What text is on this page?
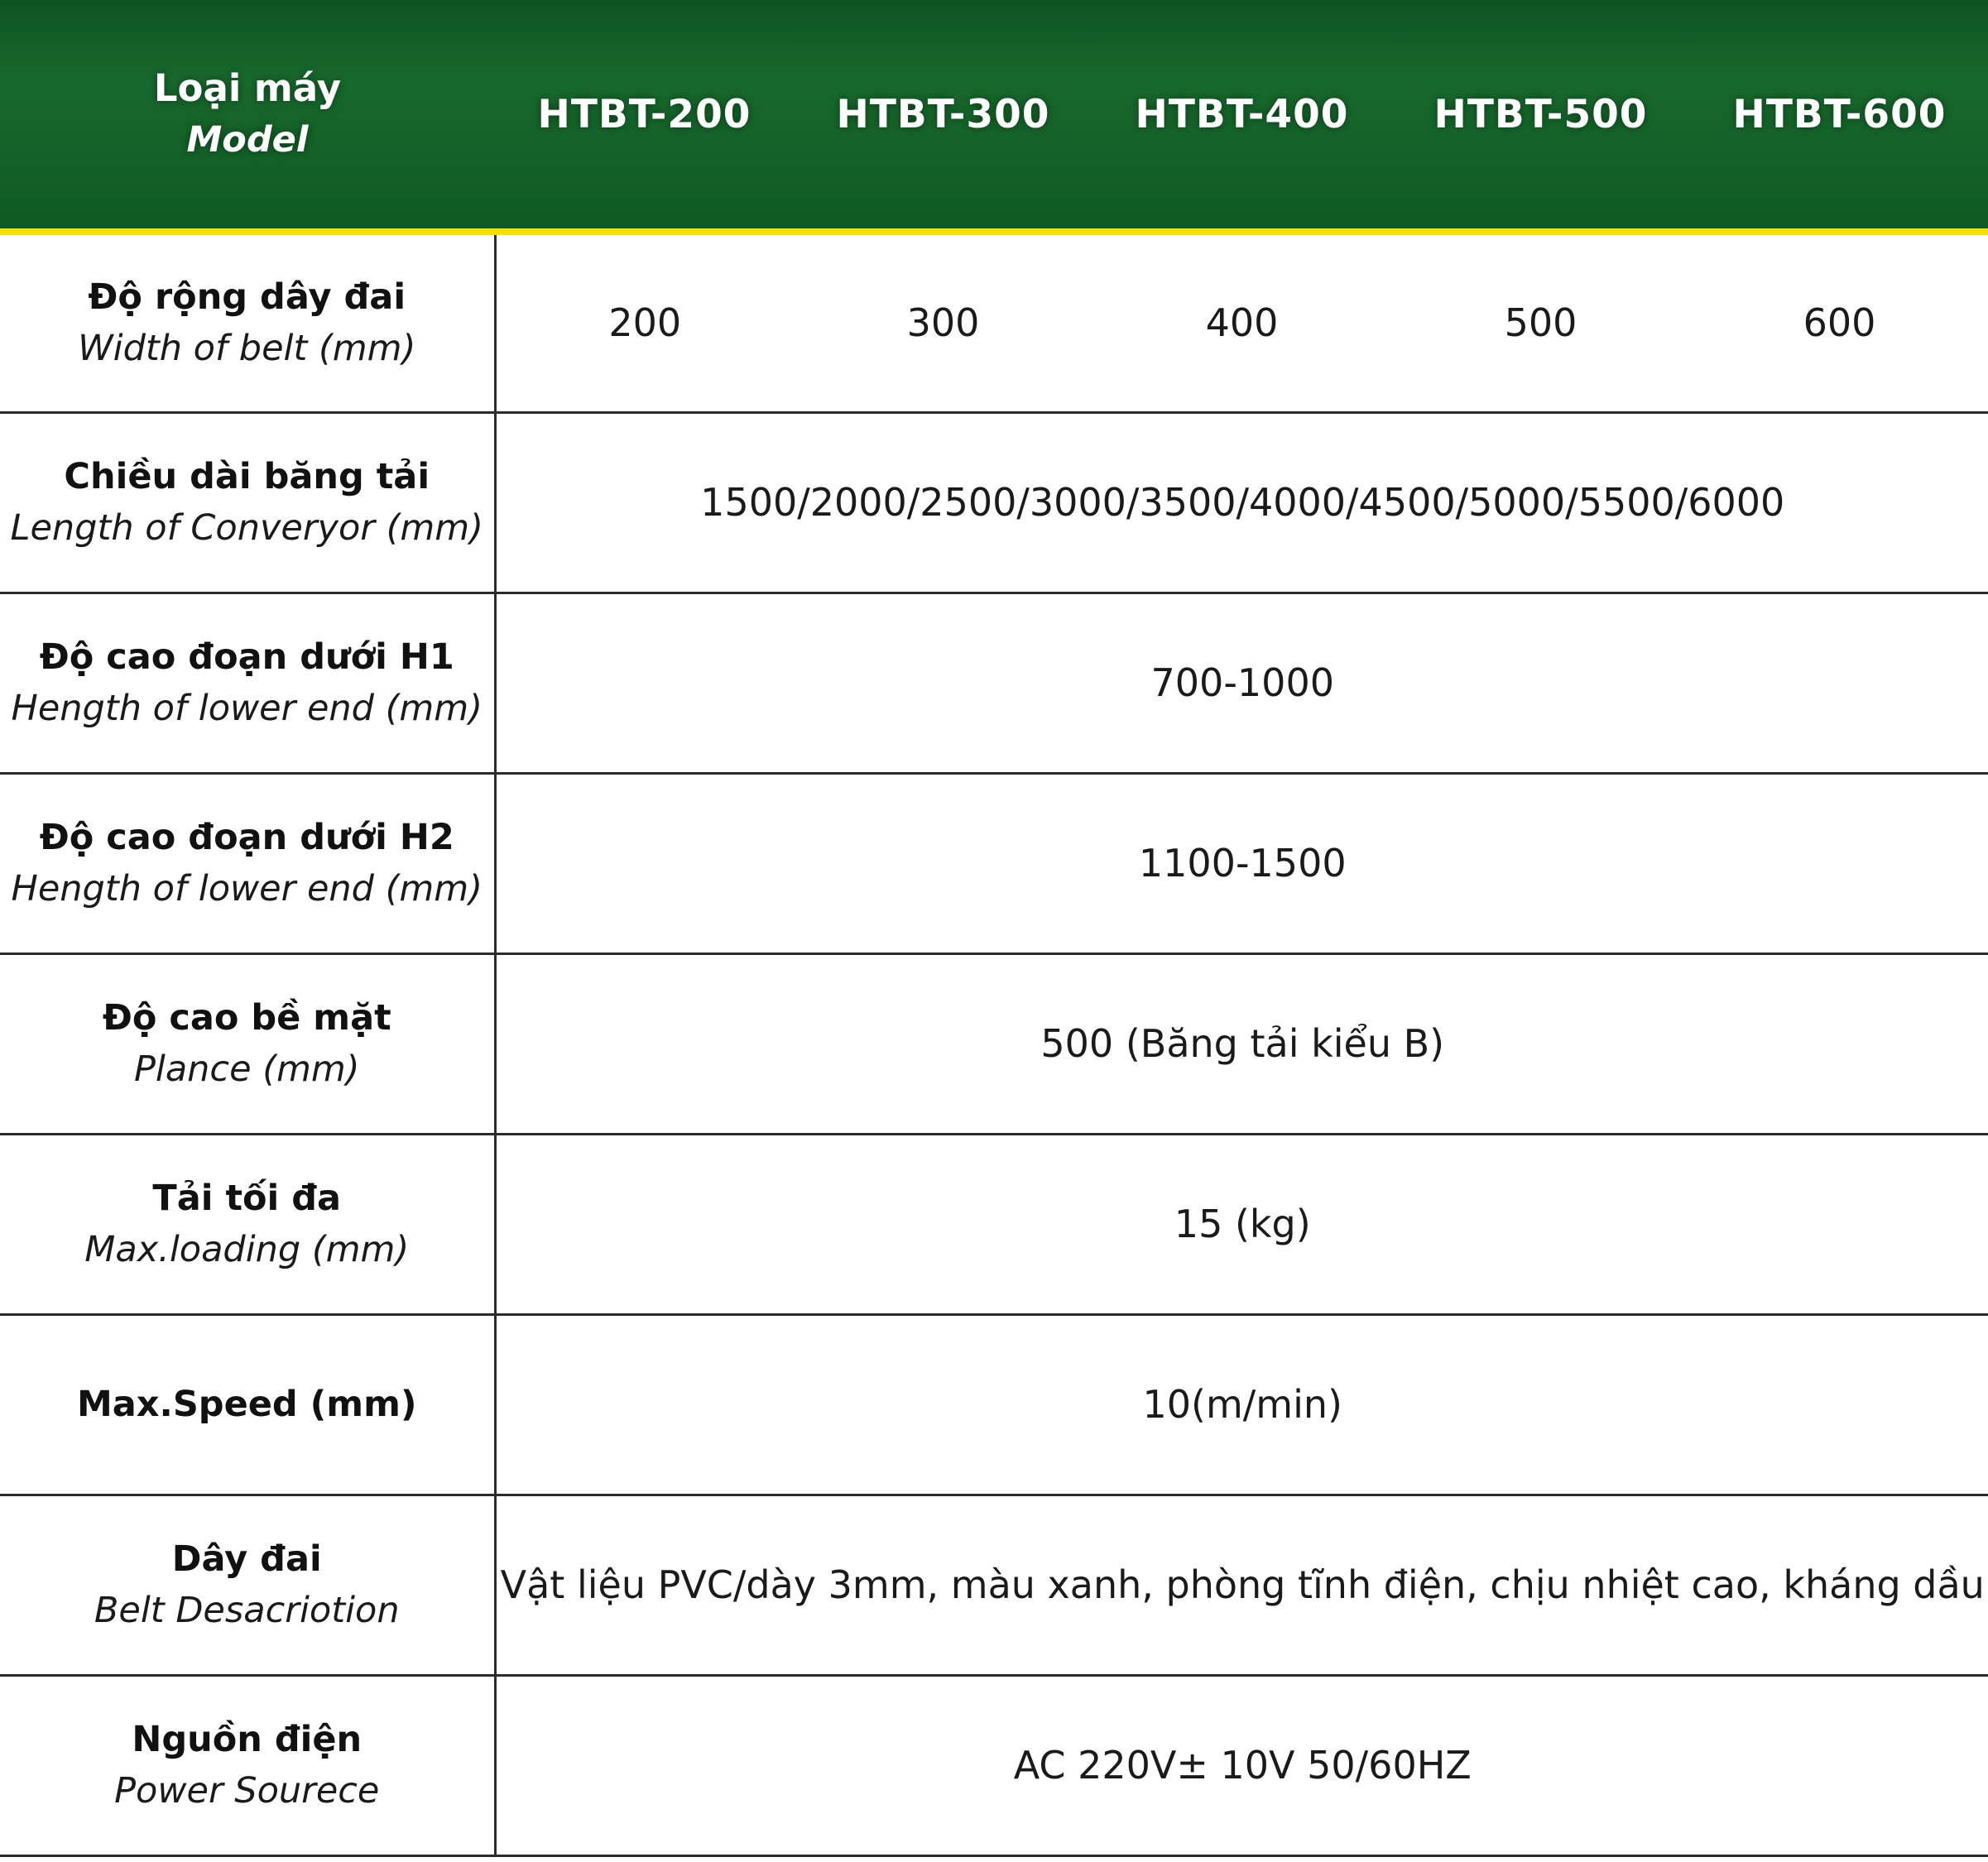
Loại máy
Model	HTBT-200	HTBT-300	HTBT-400	HTBT-500	HTBT-600

Độ rộng dây đai
Width of belt (mm)	200	300	400	500	600

Chiều dài băng tải
Length of Converyor (mm)	1500/2000/2500/3000/3500/4000/4500/5000/5500/6000				

Độ cao đoạn dưới H1
Hength of lower end (mm)	700-1000				

Độ cao đoạn dưới H2
Hength of lower end (mm)	1100-1500				

Độ cao bề mặt
Plance (mm)	500 (Băng tải kiểu B)				

Tải tối đa
Max.loading (mm)	15 (kg)				

Max.Speed (mm)	10(m/min)				

Dây đai
Belt Desacriotion	Vật liệu PVC/dày 3mm, màu xanh, phòng tĩnh điện, chịu nhiệt cao, kháng dầu				

Nguồn điện
Power Sourece	AC 220V± 10V 50/60HZ				
